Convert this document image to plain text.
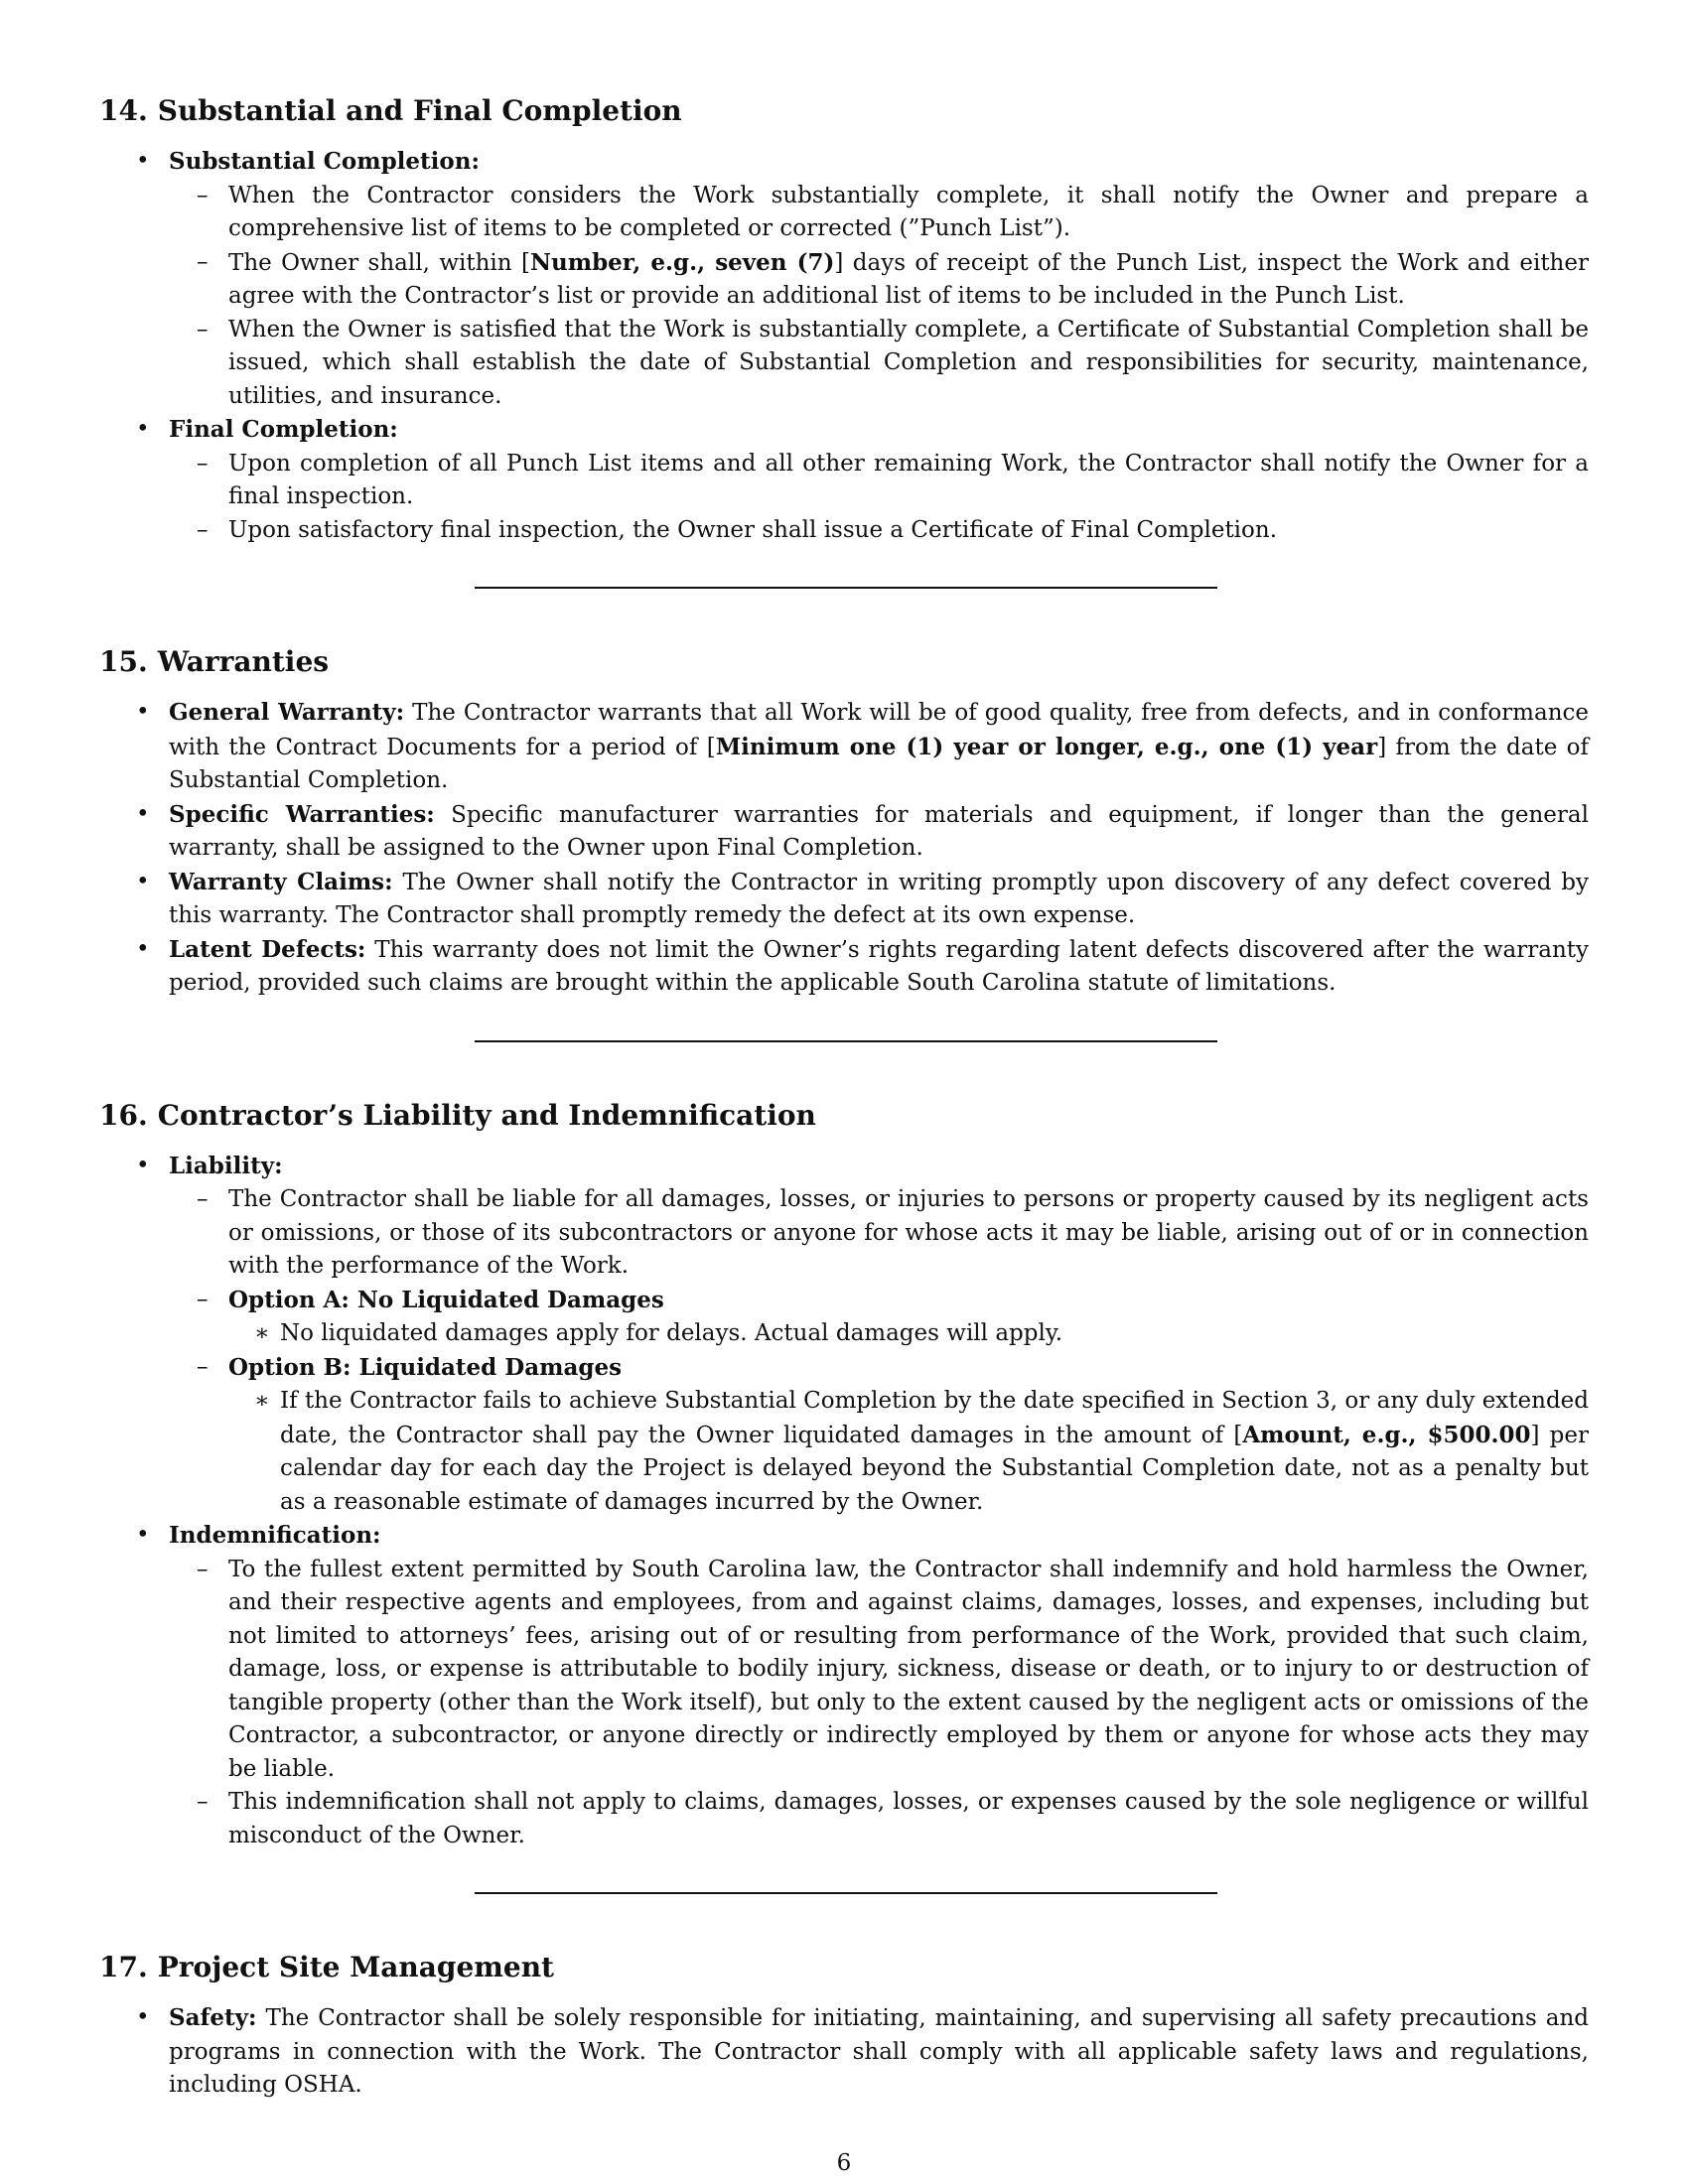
14. Substantial and Final Completion
• Substantial Completion:
– When the Contractor considers the Work substantially complete, it shall notify the Owner and prepare a comprehensive list of items to be completed or corrected (”Punch List”).
– The Owner shall, within [Number, e.g., seven (7)] days of receipt of the Punch List, inspect the Work and either agree with the Contractor’s list or provide an additional list of items to be included in the Punch List.
– When the Owner is satisfied that the Work is substantially complete, a Certificate of Substantial Completion shall be issued, which shall establish the date of Substantial Completion and responsibilities for security, maintenance, utilities, and insurance.
• Final Completion:
– Upon completion of all Punch List items and all other remaining Work, the Contractor shall notify the Owner for a final inspection.
– Upon satisfactory final inspection, the Owner shall issue a Certificate of Final Completion.
15. Warranties
• General Warranty: The Contractor warrants that all Work will be of good quality, free from defects, and in conformance with the Contract Documents for a period of [Minimum one (1) year or longer, e.g., one (1) year] from the date of Substantial Completion.
• Specific Warranties: Specific manufacturer warranties for materials and equipment, if longer than the general warranty, shall be assigned to the Owner upon Final Completion.
• Warranty Claims: The Owner shall notify the Contractor in writing promptly upon discovery of any defect covered by this warranty. The Contractor shall promptly remedy the defect at its own expense.
• Latent Defects: This warranty does not limit the Owner’s rights regarding latent defects discovered after the warranty period, provided such claims are brought within the applicable South Carolina statute of limitations.
16. Contractor’s Liability and Indemnification
• Liability:
– The Contractor shall be liable for all damages, losses, or injuries to persons or property caused by its negligent acts or omissions, or those of its subcontractors or anyone for whose acts it may be liable, arising out of or in connection with the performance of the Work.
– Option A: No Liquidated Damages
∗ No liquidated damages apply for delays. Actual damages will apply.
– Option B: Liquidated Damages
∗ If the Contractor fails to achieve Substantial Completion by the date specified in Section 3, or any duly extended date, the Contractor shall pay the Owner liquidated damages in the amount of [Amount, e.g., $500.00] per calendar day for each day the Project is delayed beyond the Substantial Completion date, not as a penalty but as a reasonable estimate of damages incurred by the Owner.
• Indemnification:
– To the fullest extent permitted by South Carolina law, the Contractor shall indemnify and hold harmless the Owner, and their respective agents and employees, from and against claims, damages, losses, and expenses, including but not limited to attorneys’ fees, arising out of or resulting from performance of the Work, provided that such claim, damage, loss, or expense is attributable to bodily injury, sickness, disease or death, or to injury to or destruction of tangible property (other than the Work itself), but only to the extent caused by the negligent acts or omissions of the Contractor, a subcontractor, or anyone directly or indirectly employed by them or anyone for whose acts they may be liable.
– This indemnification shall not apply to claims, damages, losses, or expenses caused by the sole negligence or willful misconduct of the Owner.
17. Project Site Management
• Safety: The Contractor shall be solely responsible for initiating, maintaining, and supervising all safety precautions and programs in connection with the Work. The Contractor shall comply with all applicable safety laws and regulations, including OSHA.
6
